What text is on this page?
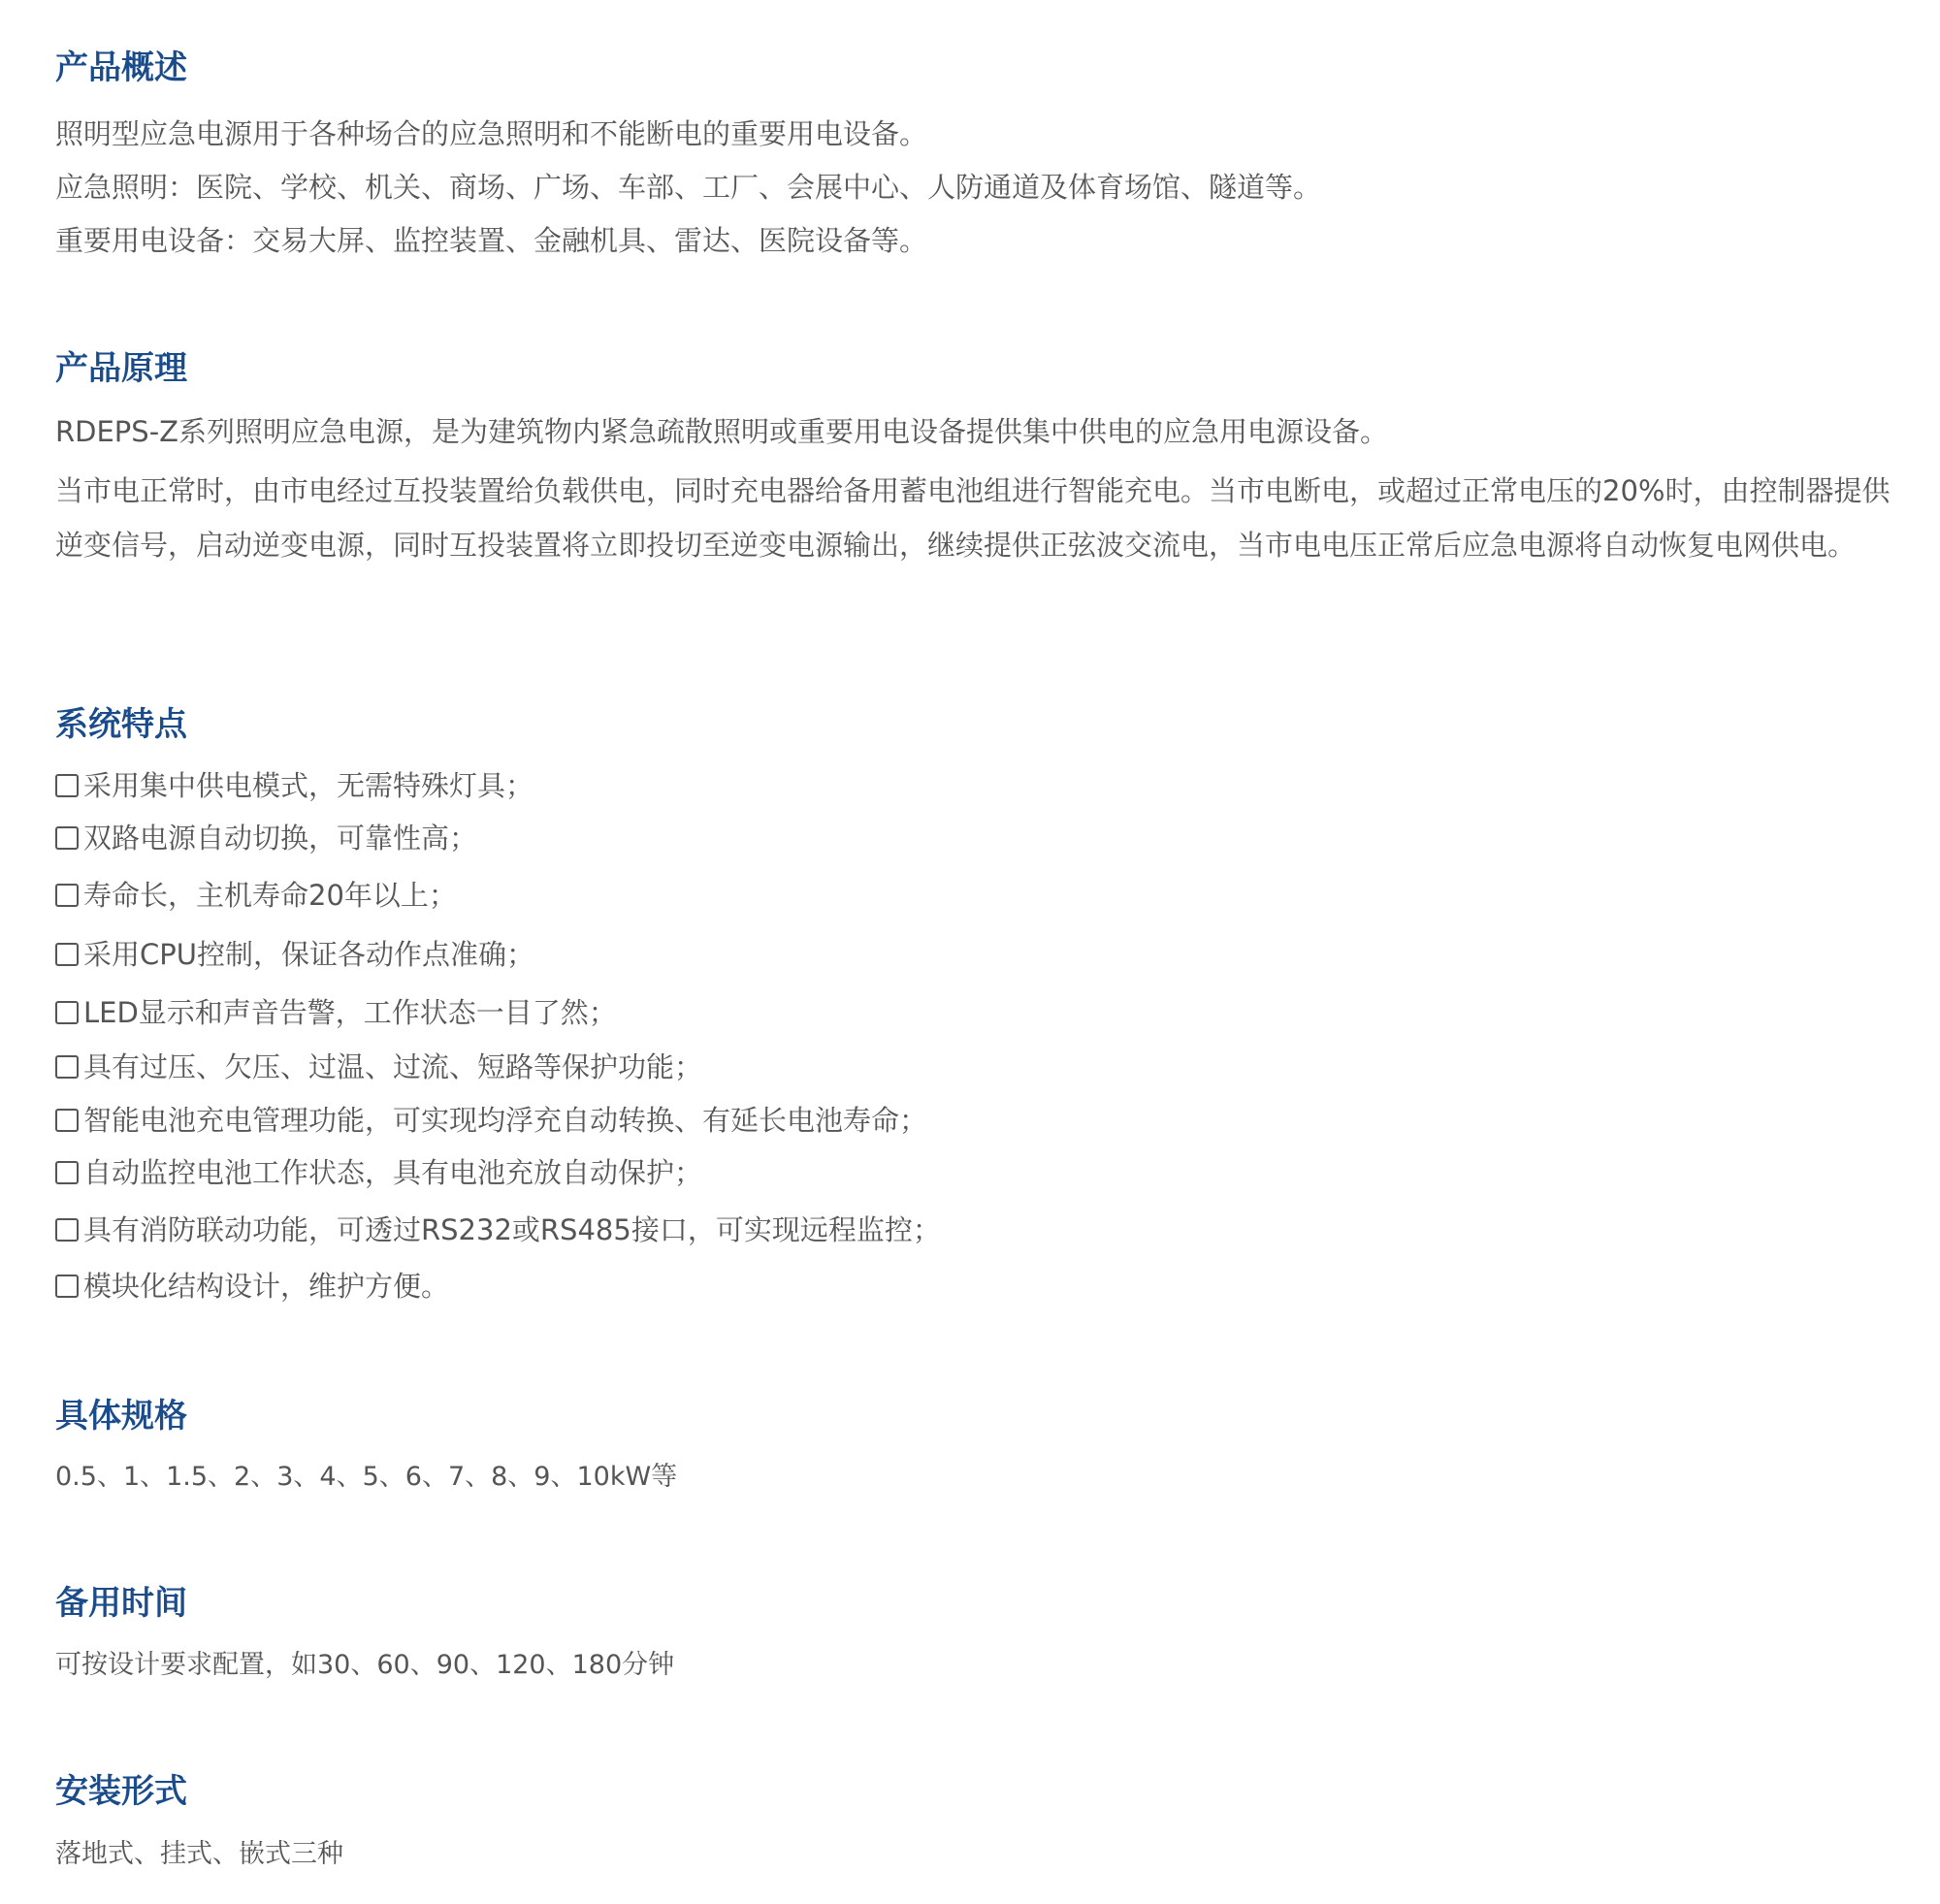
产品概述

照明型应急电源用于各种场合的应急照明和不能断电的重要用电设备。

应急照明：医院、学校、机关、商场、广场、车部、工厂、会展中心、人防通道及体育场馆、隧道等。

重要用电设备：交易大屏、监控装置、金融机具、雷达、医院设备等。

产品原理

RDEPS-Z系列照明应急电源，是为建筑物内紧急疏散照明或重要用电设备提供集中供电的应急用电源设备。

当市电正常时，由市电经过互投装置给负载供电，同时充电器给备用蓄电池组进行智能充电。当市电断电，或超过正常电压的20%时，由控制器提供逆变信号，启动逆变电源，同时互投装置将立即投切至逆变电源输出，继续提供正弦波交流电，当市电电压正常后应急电源将自动恢复电网供电。

系统特点
采用集中供电模式，无需特殊灯具；
双路电源自动切换，可靠性高；
寿命长，主机寿命20年以上；
采用CPU控制，保证各动作点准确；
LED显示和声音告警，工作状态一目了然；
具有过压、欠压、过温、过流、短路等保护功能；
智能电池充电管理功能，可实现均浮充自动转换、有延长电池寿命；
自动监控电池工作状态，具有电池充放自动保护；
具有消防联动功能，可透过RS232或RS485接口，可实现远程监控；
模块化结构设计，维护方便。
具体规格

0.5、1、1.5、2、3、4、5、6、7、8、9、10kW等

备用时间

可按设计要求配置，如30、60、90、120、180分钟

安装形式

落地式、挂式、嵌式三种
